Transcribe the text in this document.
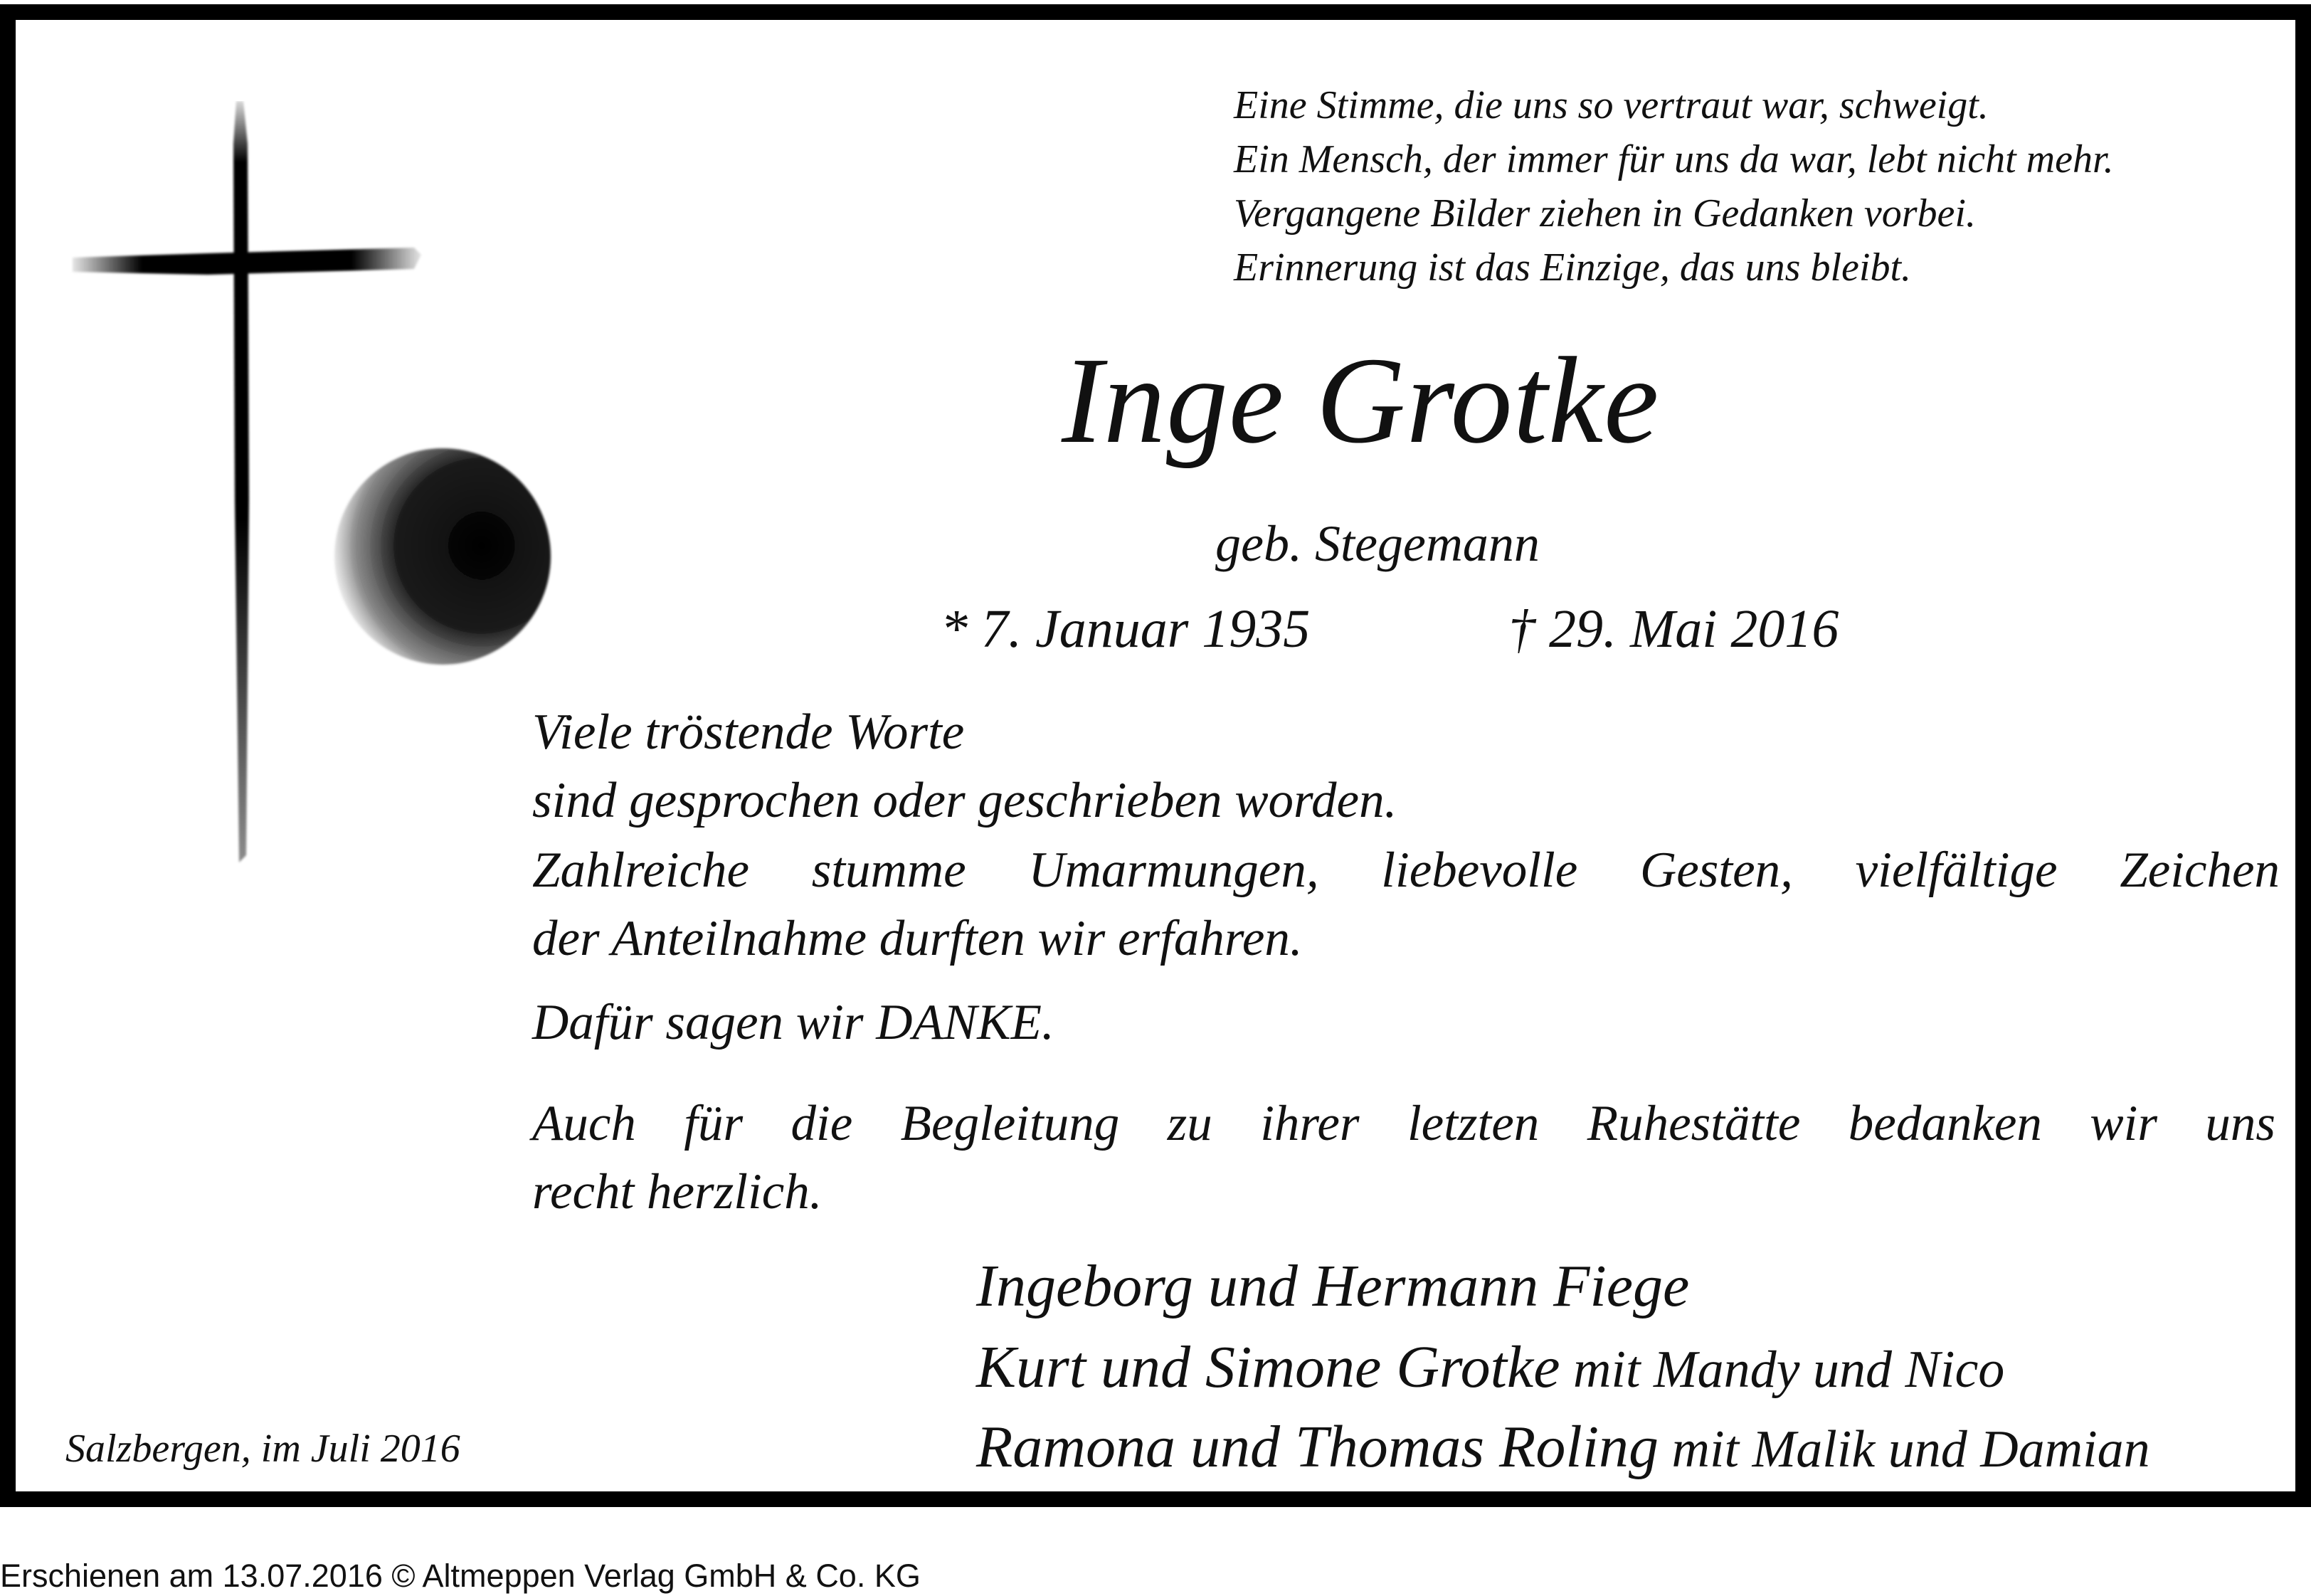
Eine Stimme, die uns so vertraut war, schweigt.
Ein Mensch, der immer für uns da war, lebt nicht mehr.
Vergangene Bilder ziehen in Gedanken vorbei.
Erinnerung ist das Einzige, das uns bleibt.
Inge Grotke
geb. Stegemann
* 7. Januar 1935	† 29. Mai 2016
Viele tröstende Worte
sind gesprochen oder geschrieben worden.
Zahlreiche stumme Umarmungen, liebevolle Gesten, vielfältige Zeichen
der Anteilnahme durften wir erfahren.
Dafür sagen wir DANKE.
Auch für die Begleitung zu ihrer letzten Ruhestätte bedanken wir uns
recht herzlich.
Ingeborg und Hermann Fiege
Kurt und Simone Grotke mit Mandy und Nico
Ramona und Thomas Roling mit Malik und Damian
Salzbergen, im Juli 2016
Erschienen am 13.07.2016 © Altmeppen Verlag GmbH & Co. KG
